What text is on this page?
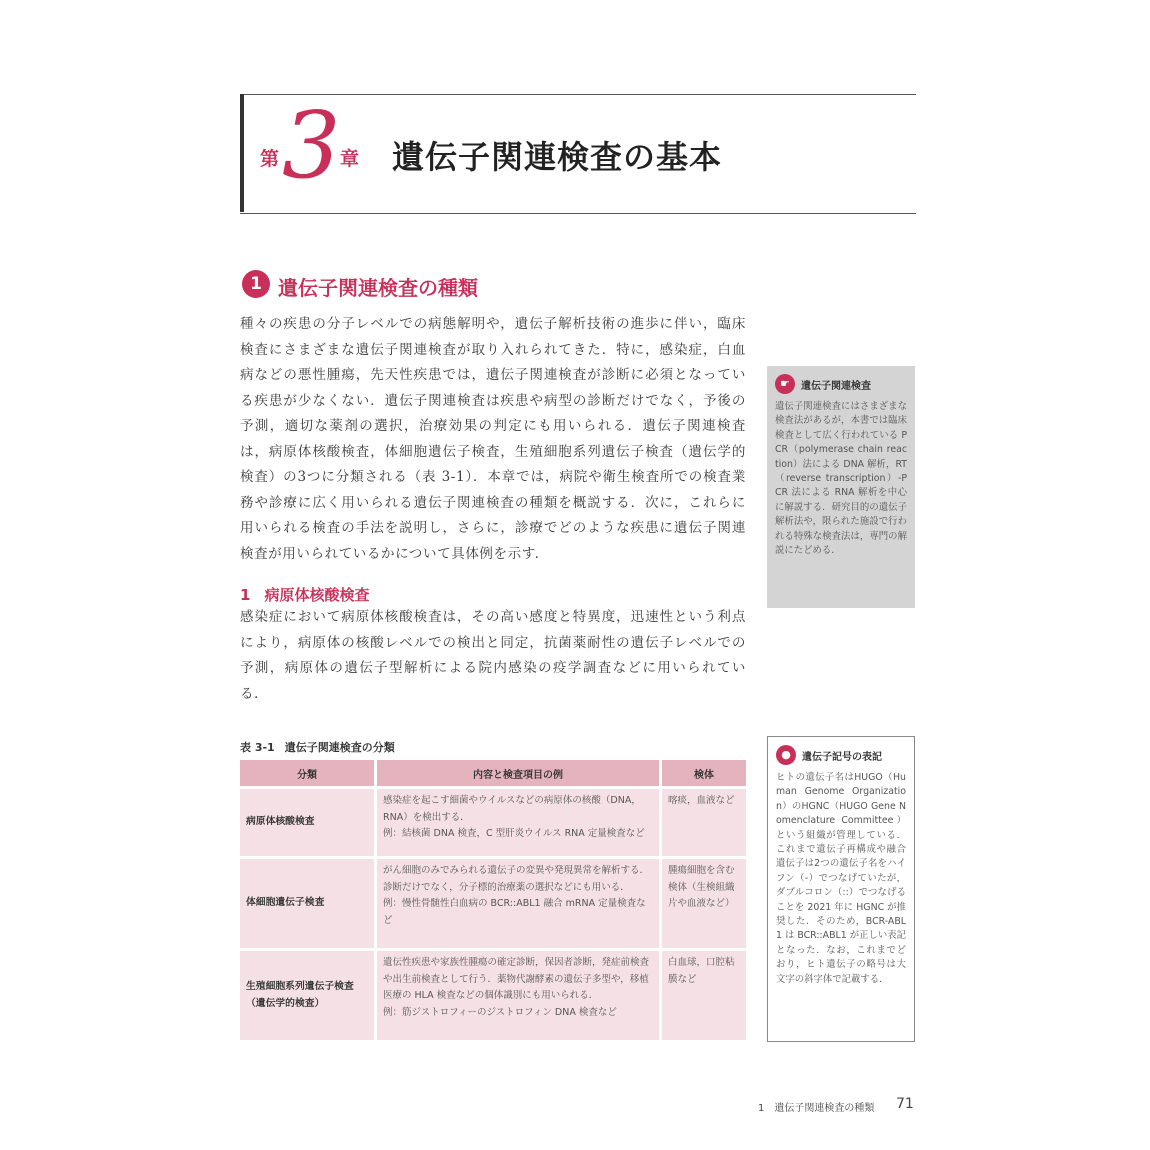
第 3 章 遺伝子関連検査の基本
1 遺伝子関連検査の種類
種々の疾患の分子レベルでの病態解明や，遺伝子解析技術の進歩に伴い，臨床検査にさまざまな遺伝子関連検査が取り入れられてきた．特に，感染症，白血病などの悪性腫瘍，先天性疾患では，遺伝子関連検査が診断に必須となっている疾患が少なくない．遺伝子関連検査は疾患や病型の診断だけでなく，予後の予測，適切な薬剤の選択，治療効果の判定にも用いられる．遺伝子関連検査は，病原体核酸検査，体細胞遺伝子検査，生殖細胞系列遺伝子検査（遺伝学的検査）の3つに分類される（表 3-1）．本章では，病院や衛生検査所での検査業務や診療に広く用いられる遺伝子関連検査の種類を概説する．次に，これらに用いられる検査の手法を説明し，さらに，診療でどのような疾患に遺伝子関連検査が用いられているかについて具体例を示す．
1 病原体核酸検査
感染症において病原体核酸検査は，その高い感度と特異度，迅速性という利点により，病原体の核酸レベルでの検出と同定，抗菌薬耐性の遺伝子レベルでの予測，病原体の遺伝子型解析による院内感染の疫学調査などに用いられている．
☛	遺伝子関連検査
遺伝子関連検査にはさまざまな検査法があるが，本書では臨床検査として広く行われている PCR（polymerase chain reaction）法による DNA 解析，RT（reverse transcription）-PCR 法による RNA 解析を中心に解説する．研究目的の遺伝子解析法や，限られた施設で行われる特殊な検査法は，専門の解説にたどめる．
表 3-1 遺伝子関連検査の分類
分類	内容と検査項目の例	検体
病原体核酸検査	感染症を起こす細菌やウイルスなどの病原体の核酸（DNA，RNA）を検出する．
例：結核菌 DNA 検査，C 型肝炎ウイルス RNA 定量検査など	喀痰，血液など
体細胞遺伝子検査	がん細胞のみでみられる遺伝子の変異や発現異常を解析する．診断だけでなく，分子標的治療薬の選択などにも用いる．
例：慢性骨髄性白血病の BCR::ABL1 融合 mRNA 定量検査など	腫瘍細胞を含む検体（生検組織片や血液など）
生殖細胞系列遺伝子検査（遺伝学的検査）	遺伝性疾患や家族性腫瘍の確定診断，保因者診断，発症前検査や出生前検査として行う．薬物代謝酵素の遺伝子多型や，移植医療の HLA 検査などの個体識別にも用いられる．
例：筋ジストロフィーのジストロフィン DNA 検査など	白血球，口腔粘膜など
●	遺伝子記号の表記
ヒトの遺伝子名はHUGO（Human Genome Organization）のHGNC（HUGO Gene Nomenclature Committee）という組織が管理している．これまで遺伝子再構成や融合遺伝子は2つの遺伝子名をハイフン（-）でつなげていたが，ダブルコロン（::）でつなげることを 2021 年に HGNC が推奨した．そのため，BCR-ABL1 は BCR::ABL1 が正しい表記となった．なお，これまでどおり，ヒト遺伝子の略号は大文字の斜字体で記載する．
1 遺伝子関連検査の種類 71
